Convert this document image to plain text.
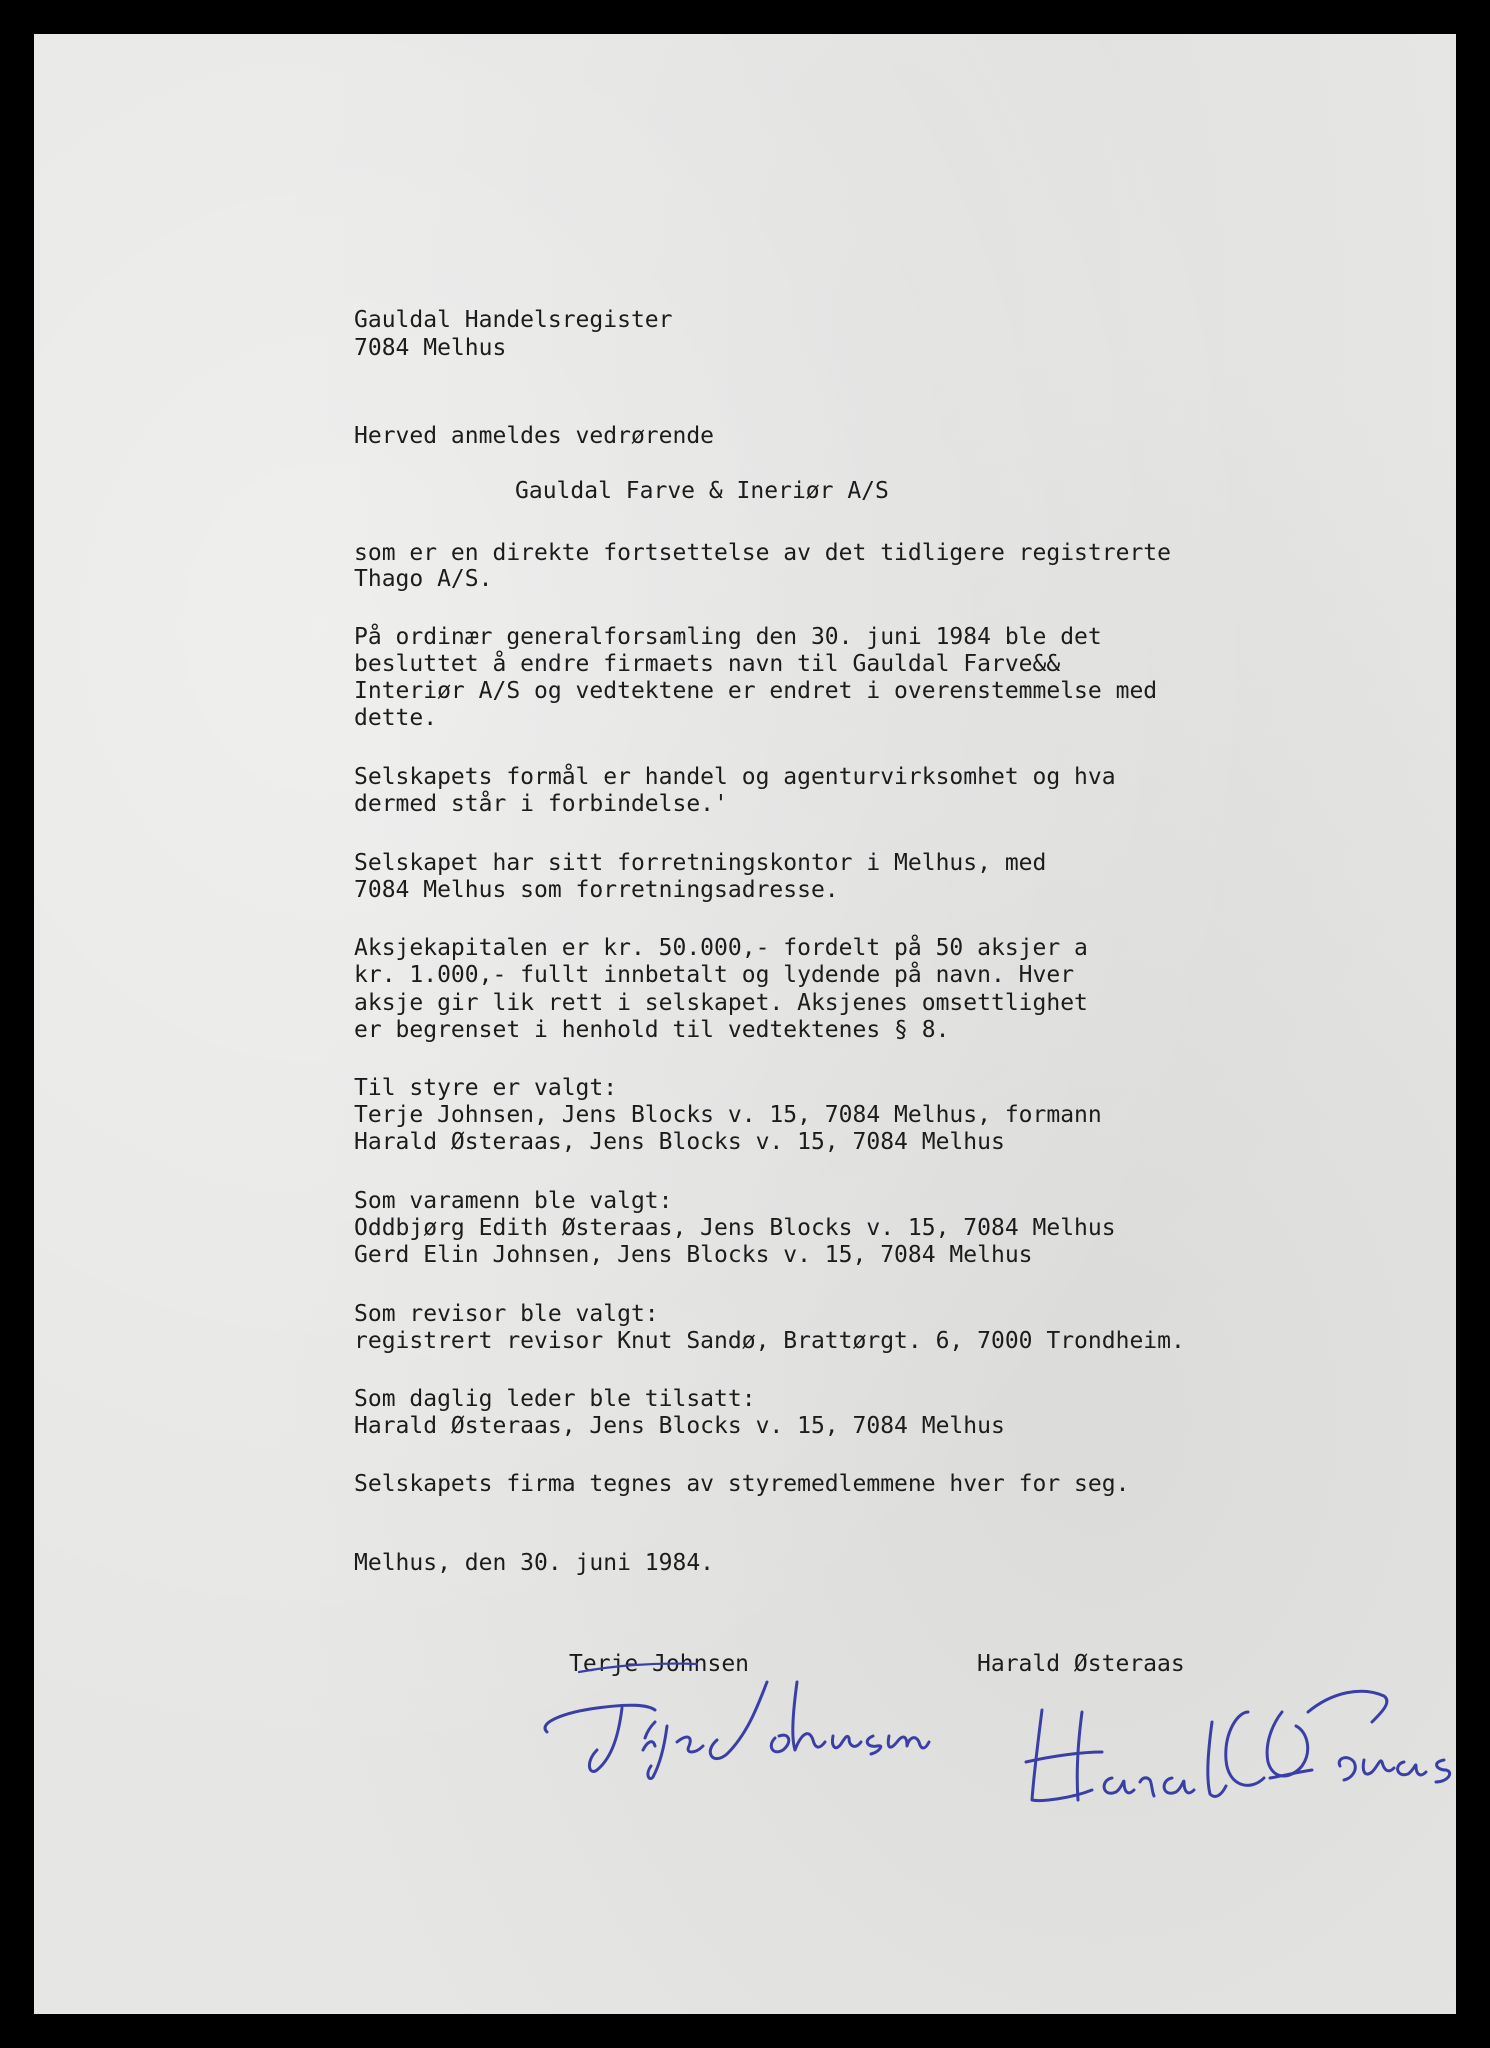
Gauldal Handelsregister

7084 Melhus

Herved anmeldes vedrørende

Gauldal Farve & Ineriør A/S

som er en direkte fortsettelse av det tidligere registrerte

Thago A/S.

På ordinær generalforsamling den 30. juni 1984 ble det

besluttet å endre firmaets navn til Gauldal Farve&&

Interiør A/S og vedtektene er endret i overenstemmelse med

dette.

Selskapets formål er handel og agenturvirksomhet og hva

dermed står i forbindelse.'

Selskapet har sitt forretningskontor i Melhus, med

7084 Melhus som forretningsadresse.

Aksjekapitalen er kr. 50.000,- fordelt på 50 aksjer a

kr. 1.000,- fullt innbetalt og lydende på navn. Hver

aksje gir lik rett i selskapet. Aksjenes omsettlighet

er begrenset i henhold til vedtektenes § 8.

Til styre er valgt:

Terje Johnsen, Jens Blocks v. 15, 7084 Melhus, formann

Harald Østeraas, Jens Blocks v. 15, 7084 Melhus

Som varamenn ble valgt:

Oddbjørg Edith Østeraas, Jens Blocks v. 15, 7084 Melhus

Gerd Elin Johnsen, Jens Blocks v. 15, 7084 Melhus

Som revisor ble valgt:

registrert revisor Knut Sandø, Brattørgt. 6, 7000 Trondheim.

Som daglig leder ble tilsatt:

Harald Østeraas, Jens Blocks v. 15, 7084 Melhus

Selskapets firma tegnes av styremedlemmene hver for seg.

Melhus, den 30. juni 1984.

Terje Johnsen

	Harald Østeraas
